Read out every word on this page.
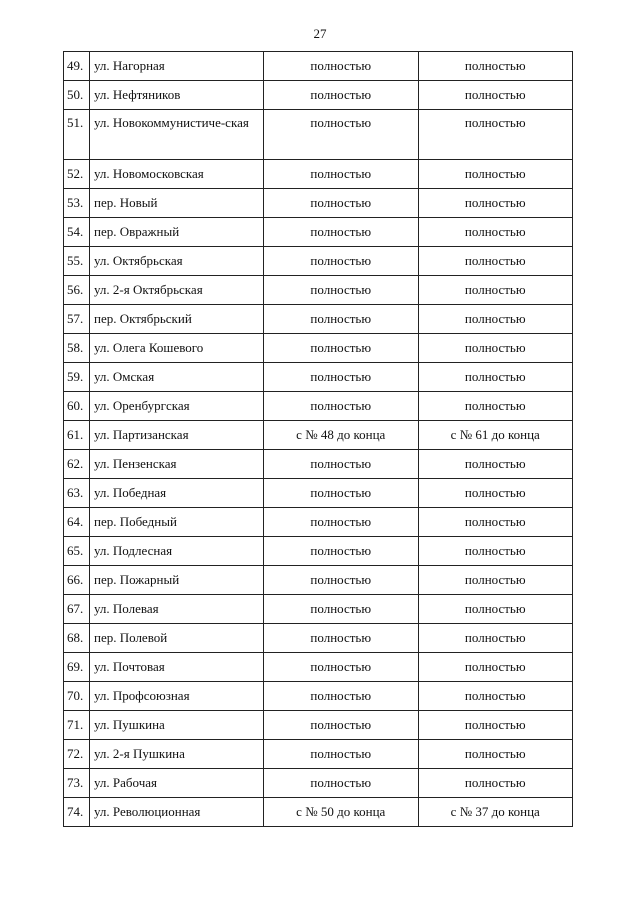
27
49.	ул. Нагорная	полностью	полностью
50.	ул. Нефтяников	полностью	полностью
51.	ул. Новокоммунистиче-ская	полностью	полностью
52.	ул. Новомосковская	полностью	полностью
53.	пер. Новый	полностью	полностью
54.	пер. Овражный	полностью	полностью
55.	ул. Октябрьская	полностью	полностью
56.	ул. 2-я Октябрьская	полностью	полностью
57.	пер. Октябрьский	полностью	полностью
58.	ул. Олега Кошевого	полностью	полностью
59.	ул. Омская	полностью	полностью
60.	ул. Оренбургская	полностью	полностью
61.	ул. Партизанская	с № 48 до конца	с № 61 до конца
62.	ул. Пензенская	полностью	полностью
63.	ул. Победная	полностью	полностью
64.	пер. Победный	полностью	полностью
65.	ул. Подлесная	полностью	полностью
66.	пер. Пожарный	полностью	полностью
67.	ул. Полевая	полностью	полностью
68.	пер. Полевой	полностью	полностью
69.	ул. Почтовая	полностью	полностью
70.	ул. Профсоюзная	полностью	полностью
71.	ул. Пушкина	полностью	полностью
72.	ул. 2-я Пушкина	полностью	полностью
73.	ул. Рабочая	полностью	полностью
74.	ул. Революционная	с № 50 до конца	с № 37 до конца
